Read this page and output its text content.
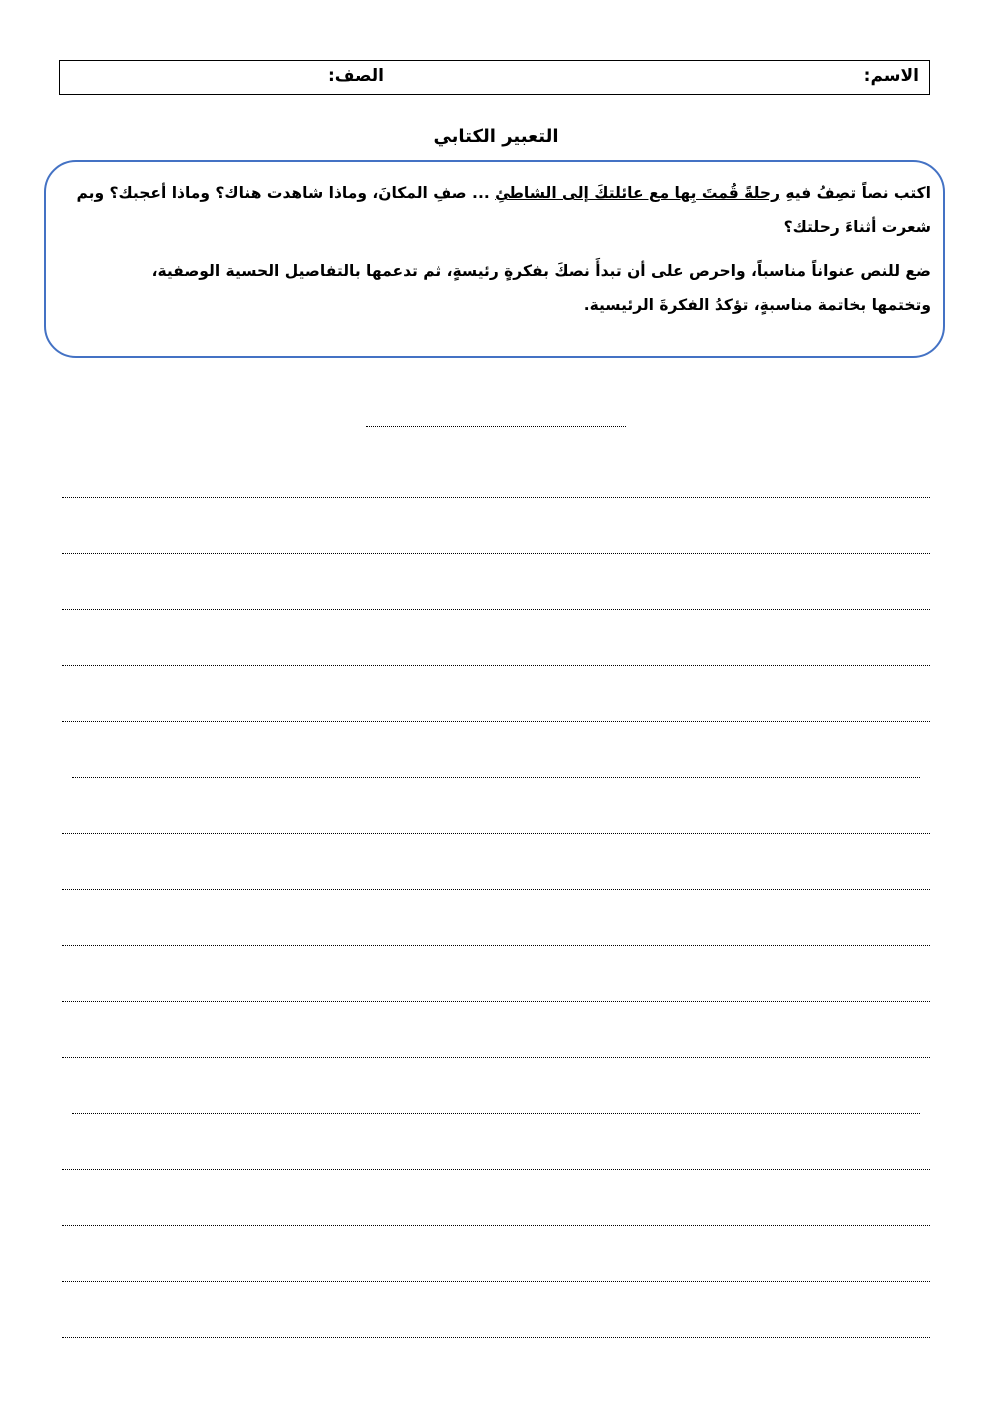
الاسم:
الصف:
التعبير الكتابي

اكتب نصاً تصِفُ فيهِ رحلةً قُمتَ بِها مع عائلتكَ إلى الشاطئِ ... صفِ المكانَ، وماذا شاهدت هناك؟ وماذا أعجبك؟ وبم

شعرت أثناءَ رحلتك؟

ضع للنص عنواناً مناسباً، واحرص على أن تبدأَ نصكَ بفكرةٍ رئيسةٍ، ثم تدعمها بالتفاصيل الحسية الوصفية،

وتختمها بخاتمة مناسبةٍ، تؤكدُ الفكرةَ الرئيسية.
